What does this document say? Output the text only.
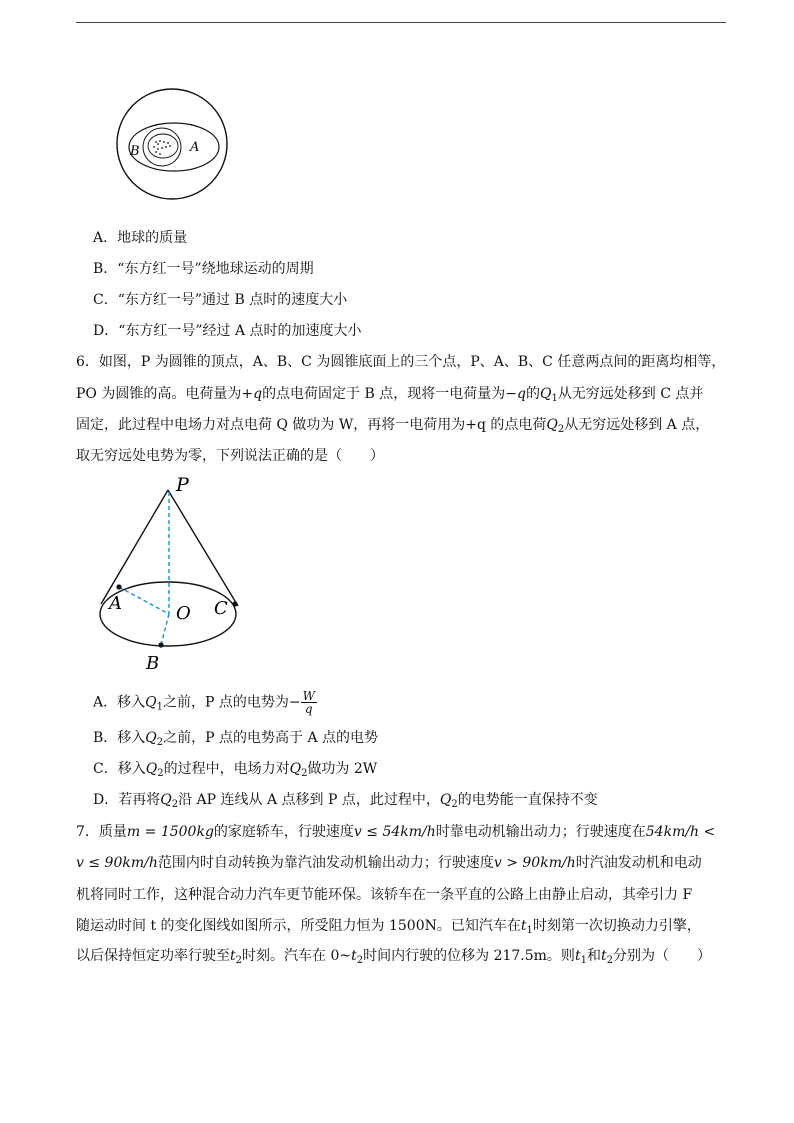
B	A
A．地球的质量
B．“东方红一号”绕地球运动的周期
C．“东方红一号”通过 B 点时的速度大小
D．“东方红一号”经过 A 点时的加速度大小
6．如图，P 为圆锥的顶点，A、B、C 为圆锥底面上的三个点，P、A、B、C 任意两点间的距离均相等，
PO 为圆锥的高。电荷量为+q的点电荷固定于 B 点，现将一电荷量为−q的$Q_1$从无穷远处移到 C 点并
固定，此过程中电场力对点电荷 Q 做功为 W，再将一电荷用为+q 的点电荷$Q_2$从无穷远处移到 A 点，
取无穷远处电势为零，下列说法正确的是（　　）
P
A	O C
B
A．移入$Q_1$之前，P 点的电势为− $\frac{W}{q}$
B．移入$Q_2$之前，P 点的电势高于 A 点的电势
C．移入$Q_2$的过程中，电场力对$Q_2$做功为 2W
D．若再将$Q_2$沿 AP 连线从 A 点移到 P 点，此过程中，$Q_2$的电势能一直保持不变
7．质量m = 1500kg的家庭轿车，行驶速度v ≤ 54km/h时靠电动机输出动力；行驶速度在54km/h <
v ≤ 90km/h范围内时自动转换为靠汽油发动机输出动力；行驶速度v > 90km/h时汽油发动机和电动
机将同时工作，这种混合动力汽车更节能环保。该轿车在一条平直的公路上由静止启动，其牵引力 F
随运动时间 t 的变化图线如图所示，所受阻力恒为 1500N。已知汽车在$t_1$时刻第一次切换动力引擎，
以后保持恒定功率行驶至$t_2$时刻。汽车在 $0\sim t_2$时间内行驶的位移为 217.5m。则$t_1$和$t_2$分别为（　　）
